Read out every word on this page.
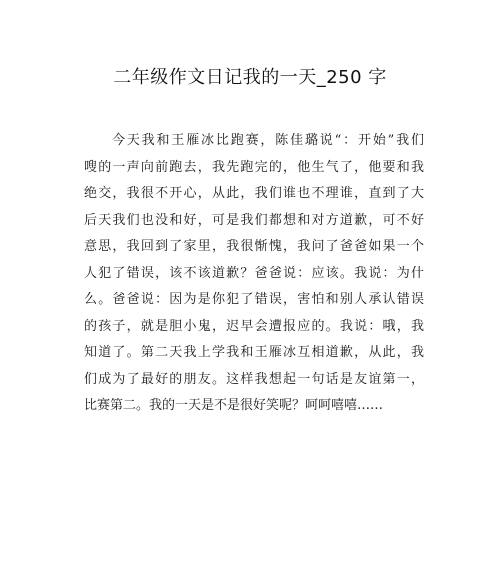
二年级作文日记我的一天_250 字
今天我和王雁冰比跑赛，陈佳璐说“：开始”我们
嗖的一声向前跑去，我先跑完的，他生气了，他要和我
绝交，我很不开心，从此，我们谁也不理谁，直到了大
后天我们也没和好，可是我们都想和对方道歉，可不好
意思，我回到了家里，我很惭愧，我问了爸爸如果一个
人犯了错误，该不该道歉？爸爸说：应该。我说：为什
么。爸爸说：因为是你犯了错误，害怕和别人承认错误
的孩子，就是胆小鬼，迟早会遭报应的。我说：哦，我
知道了。第二天我上学我和王雁冰互相道歉，从此，我
们成为了最好的朋友。这样我想起一句话是友谊第一，
比赛第二。我的一天是不是很好笑呢？呵呵嘻嘻……
